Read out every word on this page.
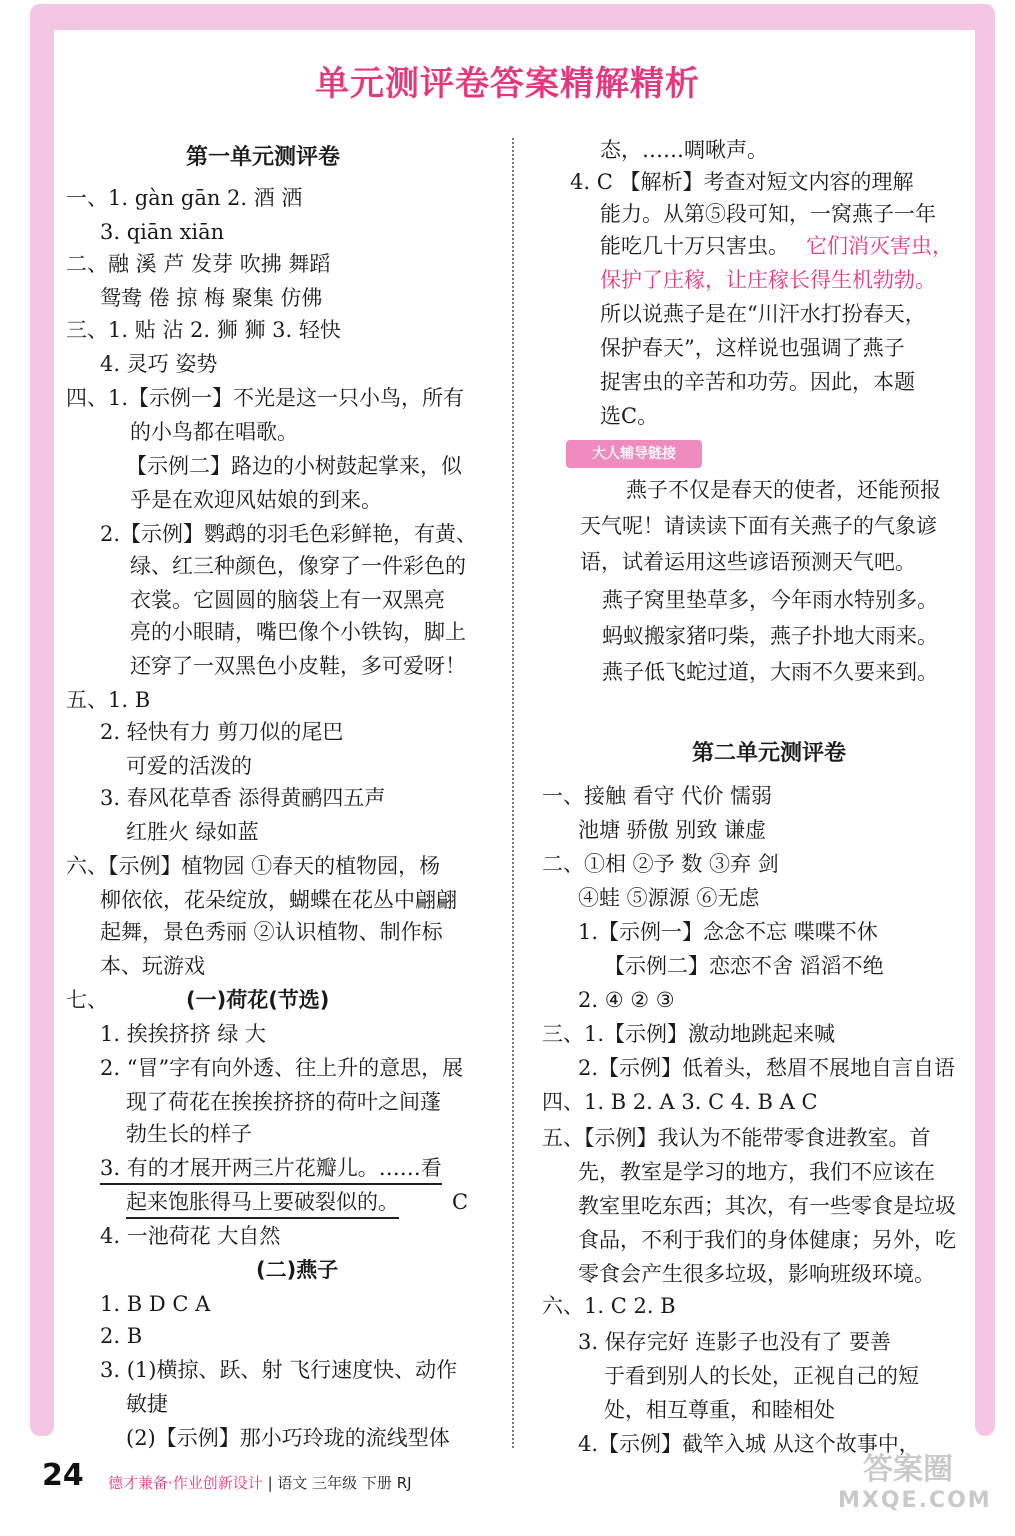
单元测评卷答案精解精析
第一单元测评卷
一、1. gàn gān 2. 酒 洒
3. qiān xiān
二、融 溪 芦 发芽 吹拂 舞蹈
鸳鸯 倦 掠 梅 聚集 仿佛
三、1. 贴 沾 2. 狮 狮 3. 轻快
4. 灵巧 姿势
四、1.【示例一】不光是这一只小鸟，所有
的小鸟都在唱歌。
【示例二】路边的小树鼓起掌来，似
乎是在欢迎风姑娘的到来。
2.【示例】鹦鹉的羽毛色彩鲜艳，有黄、
绿、红三种颜色，像穿了一件彩色的
衣裳。它圆圆的脑袋上有一双黑亮
亮的小眼睛，嘴巴像个小铁钩，脚上
还穿了一双黑色小皮鞋，多可爱呀！
五、1. B
2. 轻快有力 剪刀似的尾巴
可爱的活泼的
3. 春风花草香 添得黄鹂四五声
红胜火 绿如蓝
六、【示例】植物园 ①春天的植物园，杨
柳依依，花朵绽放，蝴蝶在花丛中翩翩
起舞，景色秀丽 ②认识植物、制作标
本、玩游戏
七、	(一)荷花(节选)
1. 挨挨挤挤 绿 大
2. “冒”字有向外透、往上升的意思，展
现了荷花在挨挨挤挤的荷叶之间蓬
勃生长的样子
3. 有的才展开两三片花瓣儿。……看
起来饱胀得马上要破裂似的。	C
4. 一池荷花 大自然
(二)燕子
1. B D C A
2. B
3. (1)横掠、跃、射 飞行速度快、动作
敏捷
(2)【示例】那小巧玲珑的流线型体
态，……啁啾声。
4. C 【解析】考查对短文内容的理解
能力。从第⑤段可知，一窝燕子一年
能吃几十万只害虫。 它们消灭害虫，
保护了庄稼，让庄稼长得生机勃勃。
所以说燕子是在“川汗水打扮春天，
保护春天”，这样说也强调了燕子
捉害虫的辛苦和功劳。因此，本题
选C。
大人辅导链接
燕子不仅是春天的使者，还能预报
天气呢！请读读下面有关燕子的气象谚
语，试着运用这些谚语预测天气吧。
燕子窝里垫草多，今年雨水特别多。
蚂蚁搬家猪叼柴，燕子扑地大雨来。
燕子低飞蛇过道，大雨不久要来到。
第二单元测评卷
一、接触 看守 代价 懦弱
池塘 骄傲 别致 谦虚
二、①相 ②予 数 ③弃 剑
④蛙 ⑤源源 ⑥无虑
1.【示例一】念念不忘 喋喋不休
【示例二】恋恋不舍 滔滔不绝
2. ④ ② ③
三、1.【示例】激动地跳起来喊
2.【示例】低着头，愁眉不展地自言自语
四、1. B 2. A 3. C 4. B A C
五、【示例】我认为不能带零食进教室。首
先，教室是学习的地方，我们不应该在
教室里吃东西；其次，有一些零食是垃圾
食品，不利于我们的身体健康；另外，吃
零食会产生很多垃圾，影响班级环境。
六、1. C 2. B
3. 保存完好 连影子也没有了 要善
于看到别人的长处，正视自己的短
处，相互尊重，和睦相处
4.【示例】截竿入城 从这个故事中，
24 德才兼备·作业创新设计 | 语文 三年级 下册 RJ	答案圈
MXQE.COM
